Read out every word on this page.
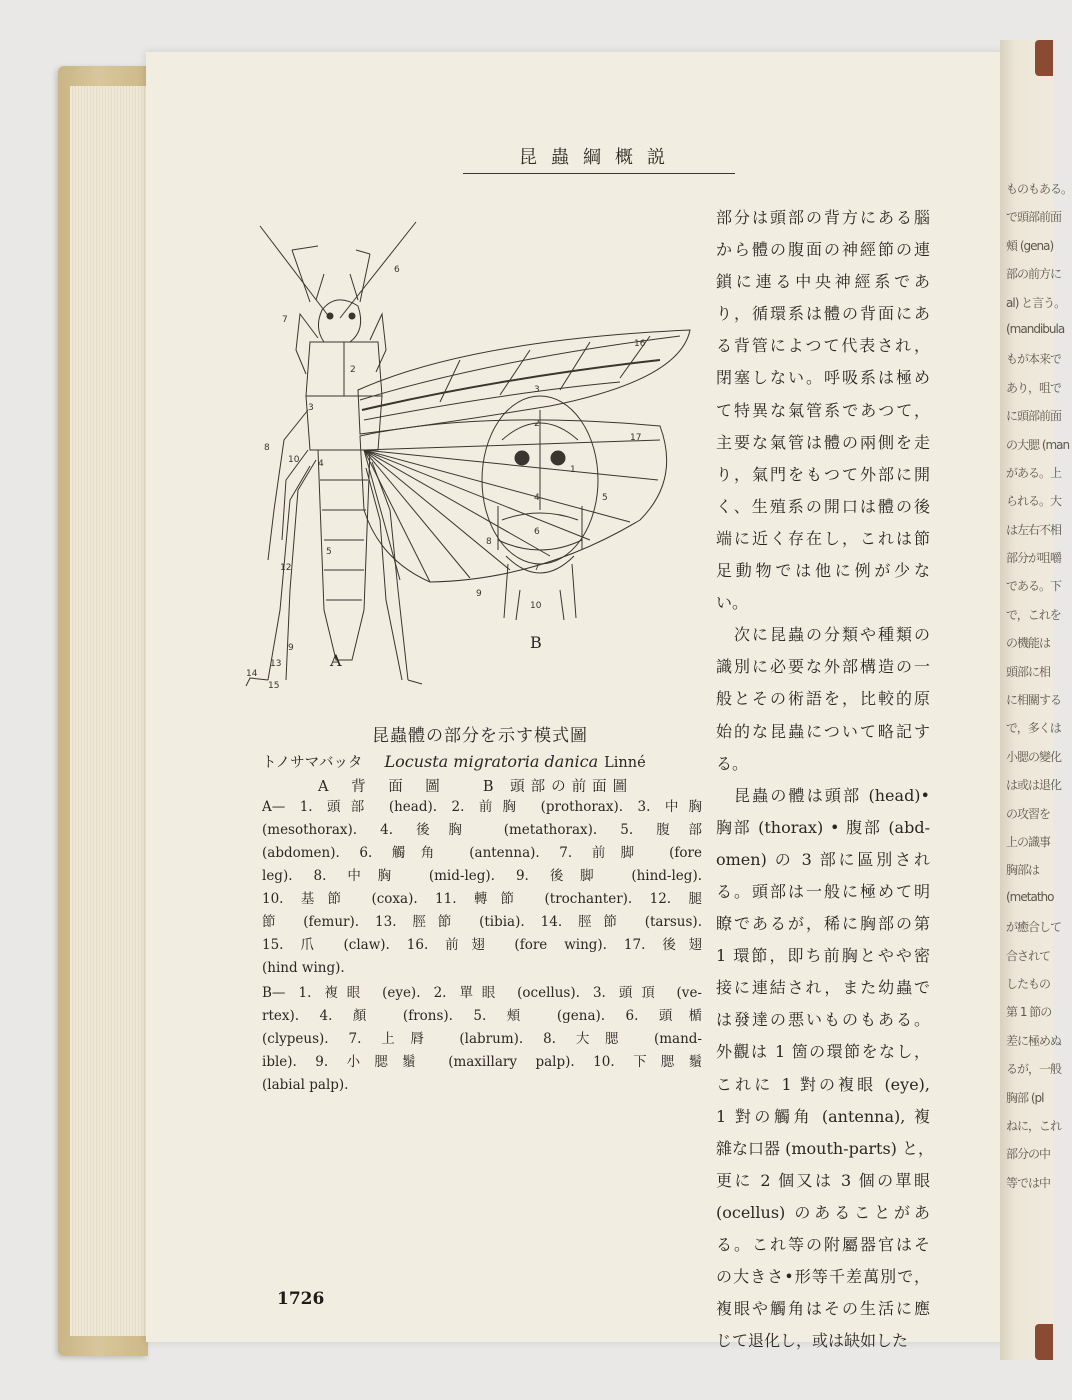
ものもある。
で頭部前面
頰 (gena)
部の前方に
al) と言う。
(mandibula
もが本来で
あり，咀で
に頭部前面
の大腮 (man
がある。上
られる。大
は左右不相
部分が咀嚼
である。下
で，これを
の機能は
頭部に相
に相關する
で，多くは
小腮の變化
は或は退化
の攻習を
上の識事
胸部は
(metatho
が癒合して
合されて
したもの
第 1 節の
差に極めぬ
るが，一般
胸部 (pl
ねに，これ
部分の中
等では中
昆蟲綱概説
2
3
4
5
6
7
8
9
10
12
13
14
15
16
17
1
2
3
4	5
6
7
8
9
10
A
B
昆蟲體の部分を示す模式圖
トノサマバッタ Locusta migratoria danica Linné
A 背 面 圖 B 頭部の前面圖
A— 1. 頭部 (head). 2. 前胸 (prothorax). 3. 中胸
(mesothorax). 4. 後胸 (metathorax). 5. 腹部
(abdomen). 6. 觸角 (antenna). 7. 前脚 (fore
leg). 8. 中胸 (mid-leg). 9. 後脚 (hind-leg).
10. 基節 (coxa). 11. 轉節 (trochanter). 12. 腿
節 (femur). 13. 脛節 (tibia). 14. 脛節 (tarsus).
15. 爪 (claw). 16. 前翅 (fore wing). 17. 後翅
(hind wing).
B— 1. 複眼 (eye). 2. 單眼 (ocellus). 3. 頭頂 (ve-
rtex). 4. 顏 (frons). 5. 頰 (gena). 6. 頭楯
(clypeus). 7. 上脣 (labrum). 8. 大腮 (mand-
ible). 9. 小腮鬚 (maxillary palp). 10. 下腮鬚
(labial palp).
部分は頭部の背方にある腦
から體の腹面の神經節の連
鎖に連る中央神經系であ
り，循環系は體の背面にあ
る背管によつて代表され，
閉塞しない。呼吸系は極め
て特異な氣管系であつて，
主要な氣管は體の兩側を走
り，氣門をもつて外部に開
く、生殖系の開口は體の後
端に近く存在し，これは節
足動物では他に例が少な
い。
次に昆蟲の分類や種類の
識別に必要な外部構造の一
般とその術語を，比較的原
始的な昆蟲について略記す
る。
昆蟲の體は頭部 (head)•
胸部 (thorax) • 腹部 (abd-
omen) の 3 部に區別され
る。頭部は一般に極めて明
瞭であるが，稀に胸部の第
1 環節，即ち前胸とやや密
接に連結され，また幼蟲で
は發達の悪いものもある。
外觀は 1 箇の環節をなし，
これに 1 對の複眼 (eye),
1 對の觸角 (antenna), 複
雜な口器 (mouth-parts) と，
更に 2 個又は 3 個の單眼
(ocellus) のあることがあ
る。これ等の附屬器官はそ
の大きさ•形等千差萬別で，
複眼や觸角はその生活に應
じて退化し，或は缺如した
1726
